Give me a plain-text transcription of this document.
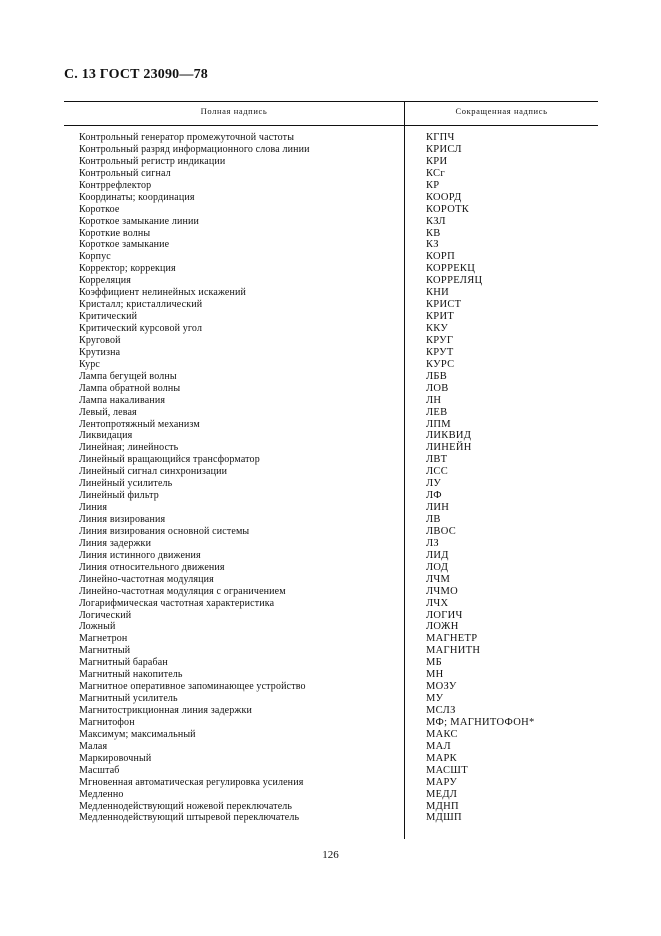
С. 13 ГОСТ 23090—78
Полная надпись	Сокращенная надпись
Контрольный генератор промежуточной частоты	КГПЧ
Контрольный разряд информационного слова линии	КРИСЛ
Контрольный регистр индикации	КРИ
Контрольный сигнал	КСг
Контррефлектор	КР
Координаты; координация	КООРД
Короткое	КОРОТК
Короткое замыкание линии	КЗЛ
Короткие волны	КВ
Короткое замыкание	КЗ
Корпус	КОРП
Корректор; коррекция	КОРРЕКЦ
Корреляция	КОРРЕЛЯЦ
Коэффициент нелинейных искажений	КНИ
Кристалл; кристаллический	КРИСТ
Критический	КРИТ
Критический курсовой угол	ККУ
Круговой	КРУГ
Крутизна	КРУТ
Курс	КУРС
Лампа бегущей волны	ЛБВ
Лампа обратной волны	ЛОВ
Лампа накаливания	ЛН
Левый, левая	ЛЕВ
Лентопротяжный механизм	ЛПМ
Ликвидация	ЛИКВИД
Линейная; линейность	ЛИНЕЙН
Линейный вращающийся трансформатор	ЛВТ
Линейный сигнал синхронизации	ЛСС
Линейный усилитель	ЛУ
Линейный фильтр	ЛФ
Линия	ЛИН
Линия визирования	ЛВ
Линия визирования основной системы	ЛВОС
Линия задержки	ЛЗ
Линия истинного движения	ЛИД
Линия относительного движения	ЛОД
Линейно-частотная модуляция	ЛЧМ
Линейно-частотная модуляция с ограничением	ЛЧМО
Логарифмическая частотная характеристика	ЛЧХ
Логический	ЛОГИЧ
Ложный	ЛОЖН
Магнетрон	МАГНЕТР
Магнитный	МАГНИТН
Магнитный барабан	МБ
Магнитный накопитель	МН
Магнитное оперативное запоминающее устройство	МОЗУ
Магнитный усилитель	МУ
Магнитострикционная линия задержки	МСЛЗ
Магнитофон	МФ; МАГНИТОФОН*
Максимум; максимальный	МАКС
Малая	МАЛ
Маркировочный	МАРК
Масштаб	МАСШТ
Мгновенная автоматическая регулировка усиления	МАРУ
Медленно	МЕДЛ
Медленнодействующий ножевой переключатель	МДНП
Медленнодействующий штыревой переключатель	МДШП
126
